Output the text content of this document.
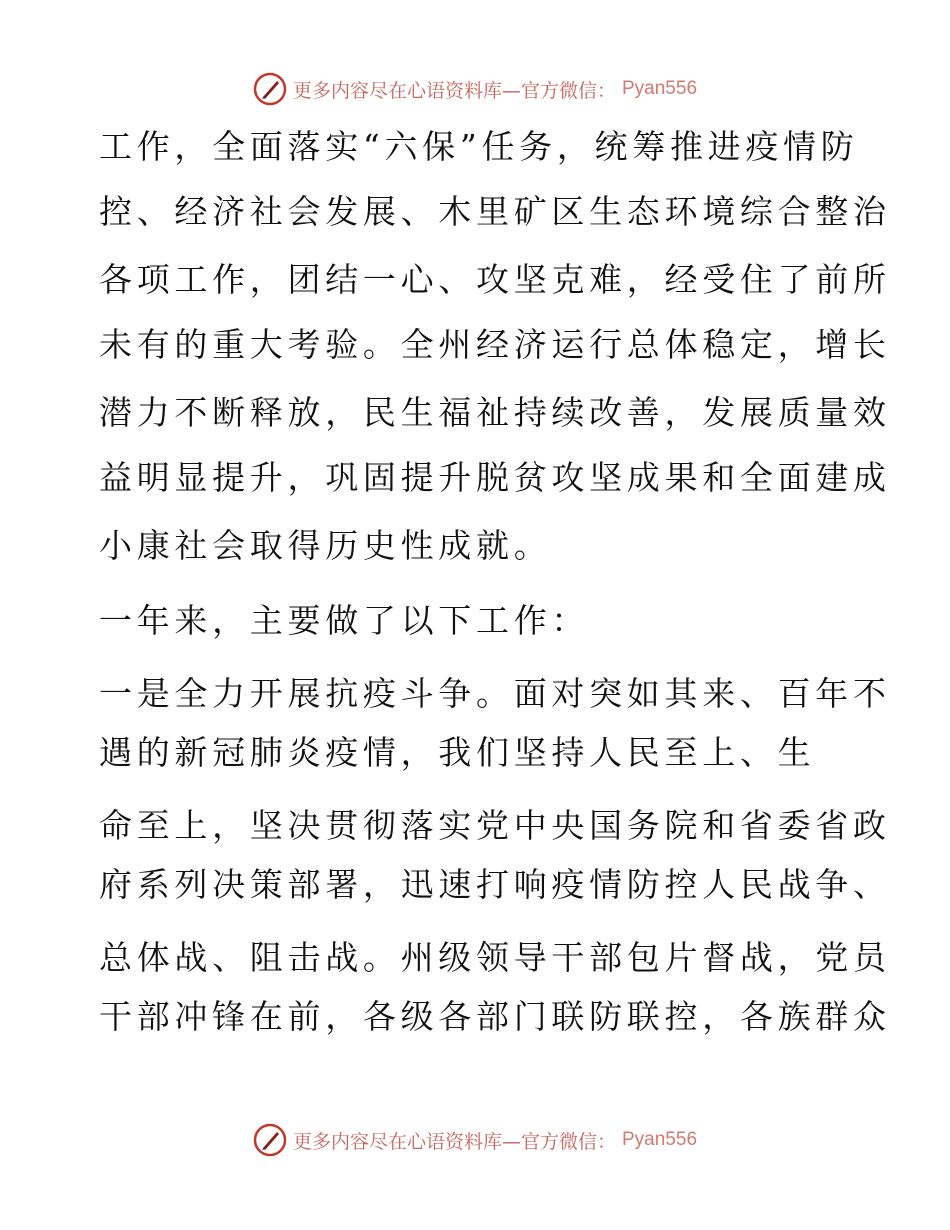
更多内容尽在心语资料库—官方微信： Pyan556
工作，全面落实“六保”任务，统筹推进疫情防
控、经济社会发展、木里矿区生态环境综合整治
各项工作，团结一心、攻坚克难，经受住了前所
未有的重大考验。全州经济运行总体稳定，增长
潜力不断释放，民生福祉持续改善，发展质量效
益明显提升，巩固提升脱贫攻坚成果和全面建成
小康社会取得历史性成就。
一年来，主要做了以下工作：
一是全力开展抗疫斗争。面对突如其来、百年不
遇的新冠肺炎疫情，我们坚持人民至上、生
命至上，坚决贯彻落实党中央国务院和省委省政
府系列决策部署，迅速打响疫情防控人民战争、
总体战、阻击战。州级领导干部包片督战，党员
干部冲锋在前，各级各部门联防联控，各族群众
更多内容尽在心语资料库—官方微信： Pyan556
